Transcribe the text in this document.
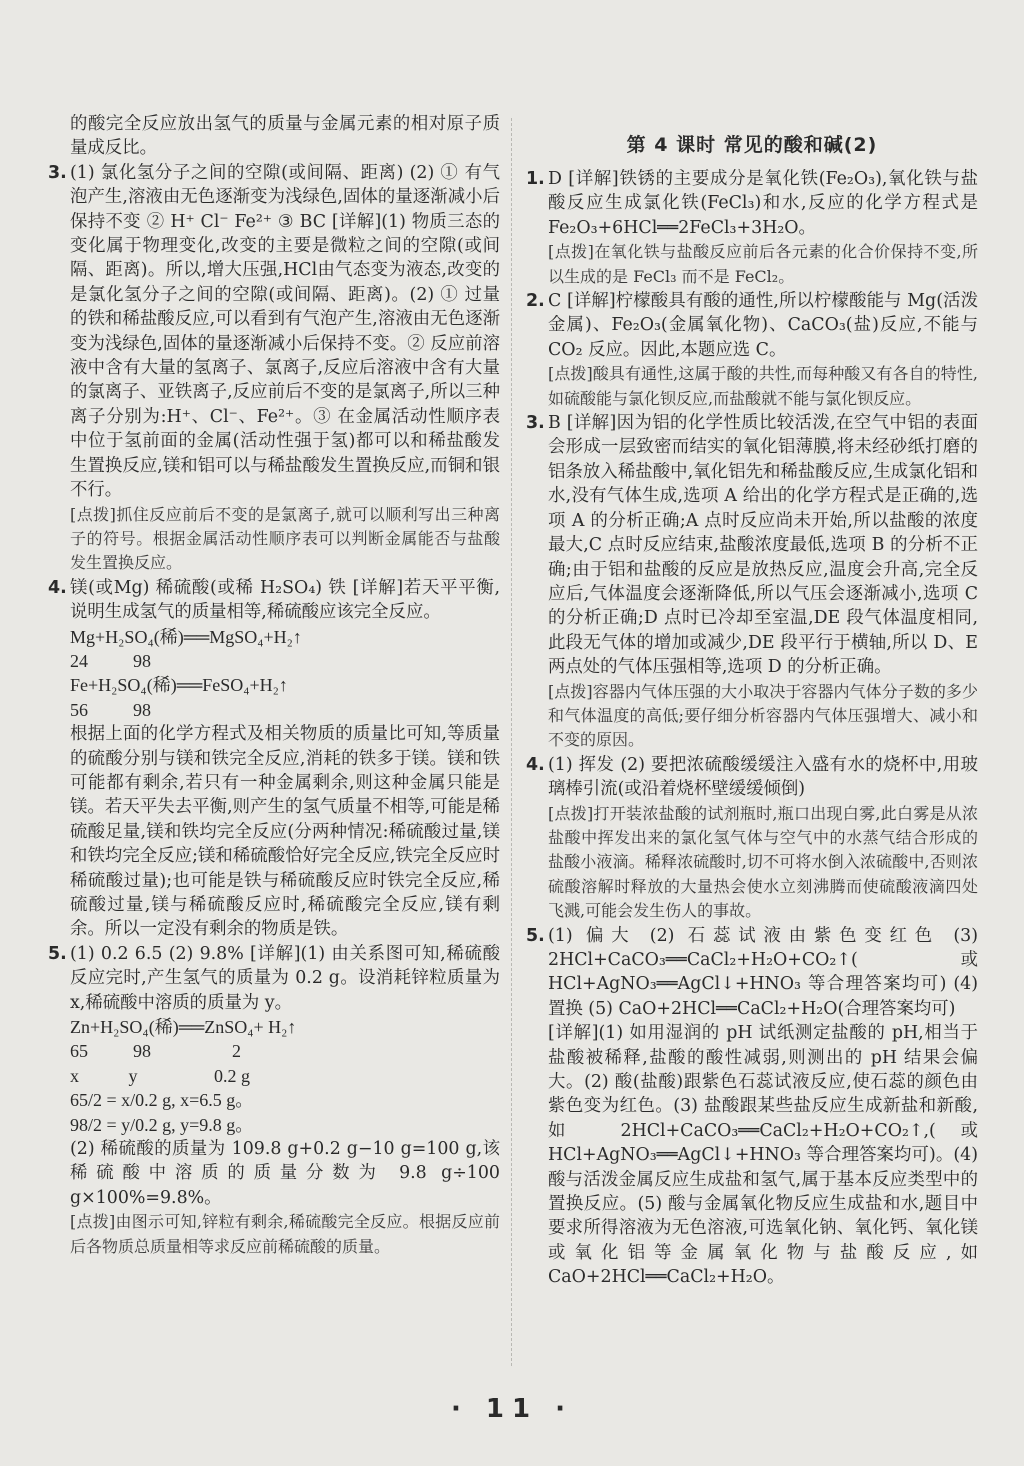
的酸完全反应放出氢气的质量与金属元素的相对原子质量成反比。

3. (1) 氯化氢分子之间的空隙(或间隔、距离) (2) ① 有气泡产生,溶液由无色逐渐变为浅绿色,固体的量逐渐减小后保持不变 ② H⁺ Cl⁻ Fe²⁺ ③ BC [详解](1) 物质三态的变化属于物理变化,改变的主要是微粒之间的空隙(或间隔、距离)。所以,增大压强,HCl由气态变为液态,改变的是氯化氢分子之间的空隙(或间隔、距离)。(2) ① 过量的铁和稀盐酸反应,可以看到有气泡产生,溶液由无色逐渐变为浅绿色,固体的量逐渐减小后保持不变。② 反应前溶液中含有大量的氢离子、氯离子,反应后溶液中含有大量的氯离子、亚铁离子,反应前后不变的是氯离子,所以三种离子分别为:H⁺、Cl⁻、Fe²⁺。③ 在金属活动性顺序表中位于氢前面的金属(活动性强于氢)都可以和稀盐酸发生置换反应,镁和铝可以与稀盐酸发生置换反应,而铜和银不行。

[点拨]抓住反应前后不变的是氯离子,就可以顺利写出三种离子的符号。根据金属活动性顺序表可以判断金属能否与盐酸发生置换反应。

4. 镁(或Mg) 稀硫酸(或稀 H₂SO₄) 铁 [详解]若天平平衡,说明生成氢气的质量相等,稀硫酸应该完全反应。

Mg+H₂SO₄(稀)══MgSO₄+H₂↑

24          98

Fe+H₂SO₄(稀)══FeSO₄+H₂↑

56          98

根据上面的化学方程式及相关物质的质量比可知,等质量的硫酸分别与镁和铁完全反应,消耗的铁多于镁。镁和铁可能都有剩余,若只有一种金属剩余,则这种金属只能是镁。若天平失去平衡,则产生的氢气质量不相等,可能是稀硫酸足量,镁和铁均完全反应(分两种情况:稀硫酸过量,镁和铁均完全反应;镁和稀硫酸恰好完全反应,铁完全反应时稀硫酸过量);也可能是铁与稀硫酸反应时铁完全反应,稀硫酸过量,镁与稀硫酸反应时,稀硫酸完全反应,镁有剩余。所以一定没有剩余的物质是铁。

5. (1) 0.2 6.5 (2) 9.8% [详解](1) 由关系图可知,稀硫酸反应完时,产生氢气的质量为 0.2 g。设消耗锌粒质量为 x,稀硫酸中溶质的质量为 y。

Zn+H₂SO₄(稀)══ZnSO₄+ H₂↑

65          98                  2

x           y                 0.2 g

65/2 = x/0.2 g, x=6.5 g。

98/2 = y/0.2 g, y=9.8 g。

(2) 稀硫酸的质量为 109.8 g+0.2 g−10 g=100 g,该稀硫酸中溶质的质量分数为 9.8 g÷100 g×100%=9.8%。

[点拨]由图示可知,锌粒有剩余,稀硫酸完全反应。根据反应前后各物质总质量相等求反应前稀硫酸的质量。

第 4 课时 常见的酸和碱(2)

1. D [详解]铁锈的主要成分是氧化铁(Fe₂O₃),氧化铁与盐酸反应生成氯化铁(FeCl₃)和水,反应的化学方程式是 Fe₂O₃+6HCl══2FeCl₃+3H₂O。

[点拨]在氧化铁与盐酸反应前后各元素的化合价保持不变,所以生成的是 FeCl₃ 而不是 FeCl₂。

2. C [详解]柠檬酸具有酸的通性,所以柠檬酸能与 Mg(活泼金属)、Fe₂O₃(金属氧化物)、CaCO₃(盐)反应,不能与 CO₂ 反应。因此,本题应选 C。

[点拨]酸具有通性,这属于酸的共性,而每种酸又有各自的特性,如硫酸能与氯化钡反应,而盐酸就不能与氯化钡反应。

3. B [详解]因为铝的化学性质比较活泼,在空气中铝的表面会形成一层致密而结实的氧化铝薄膜,将未经砂纸打磨的铝条放入稀盐酸中,氧化铝先和稀盐酸反应,生成氯化铝和水,没有气体生成,选项 A 给出的化学方程式是正确的,选项 A 的分析正确;A 点时反应尚未开始,所以盐酸的浓度最大,C 点时反应结束,盐酸浓度最低,选项 B 的分析不正确;由于铝和盐酸的反应是放热反应,温度会升高,完全反应后,气体温度会逐渐降低,所以气压会逐渐减小,选项 C 的分析正确;D 点时已冷却至室温,DE 段气体温度相同,此段无气体的增加或减少,DE 段平行于横轴,所以 D、E 两点处的气体压强相等,选项 D 的分析正确。

[点拨]容器内气体压强的大小取决于容器内气体分子数的多少和气体温度的高低;要仔细分析容器内气体压强增大、减小和不变的原因。

4. (1) 挥发 (2) 要把浓硫酸缓缓注入盛有水的烧杯中,用玻璃棒引流(或沿着烧杯壁缓缓倾倒)

[点拨]打开装浓盐酸的试剂瓶时,瓶口出现白雾,此白雾是从浓盐酸中挥发出来的氯化氢气体与空气中的水蒸气结合形成的盐酸小液滴。稀释浓硫酸时,切不可将水倒入浓硫酸中,否则浓硫酸溶解时释放的大量热会使水立刻沸腾而使硫酸液滴四处飞溅,可能会发生伤人的事故。

5. (1) 偏大 (2) 石蕊试液由紫色变红色 (3) 2HCl+CaCO₃══CaCl₂+H₂O+CO₂↑(或 HCl+AgNO₃══AgCl↓+HNO₃ 等合理答案均可) (4) 置换 (5) CaO+2HCl══CaCl₂+H₂O(合理答案均可)

[详解](1) 如用湿润的 pH 试纸测定盐酸的 pH,相当于盐酸被稀释,盐酸的酸性减弱,则测出的 pH 结果会偏大。(2) 酸(盐酸)跟紫色石蕊试液反应,使石蕊的颜色由紫色变为红色。(3) 盐酸跟某些盐反应生成新盐和新酸,如 2HCl+CaCO₃══CaCl₂+H₂O+CO₂↑,(或 HCl+AgNO₃══AgCl↓+HNO₃ 等合理答案均可)。(4) 酸与活泼金属反应生成盐和氢气,属于基本反应类型中的置换反应。(5) 酸与金属氧化物反应生成盐和水,题目中要求所得溶液为无色溶液,可选氧化钠、氧化钙、氧化镁或氧化铝等金属氧化物与盐酸反应,如 CaO+2HCl══CaCl₂+H₂O。

· 11 ·
